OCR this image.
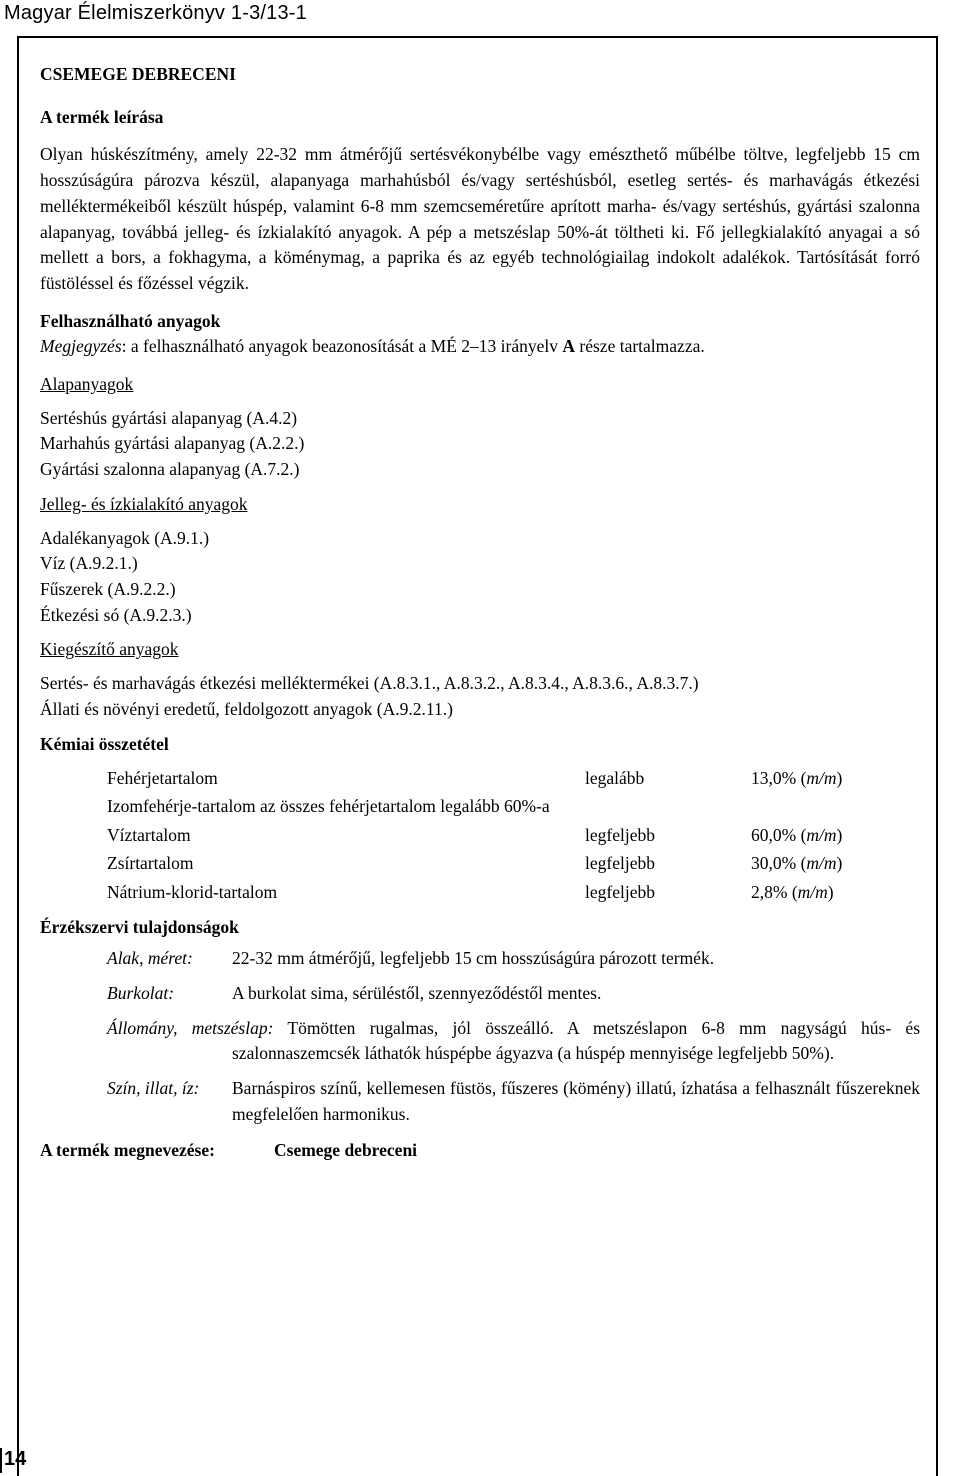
Magyar Élelmiszerkönyv 1-3/13-1

CSEMEGE DEBRECENI

A termék leírása

Olyan húskészítmény, amely 22-32 mm átmérőjű sertésvékonybélbe vagy emészthető műbélbe töltve, legfeljebb 15 cm hosszúságúra pározva készül, alapanyaga marhahúsból és/vagy sertéshúsból, esetleg sertés- és marhavágás étkezési melléktermékeiből készült húspép, valamint 6-8 mm szemcseméretűre aprított marha- és/vagy sertéshús, gyártási szalonna alapanyag, továbbá jelleg- és ízkialakító anyagok. A pép a metszéslap 50%-át töltheti ki. Fő jellegkialakító anyagai a só mellett a bors, a fokhagyma, a köménymag, a paprika és az egyéb technológiailag indokolt adalékok. Tartósítását forró füstöléssel és főzéssel végzik.

Felhasználható anyagok

Megjegyzés: a felhasználható anyagok beazonosítását a MÉ 2–13 irányelv A része tartalmazza.

Alapanyagok

Sertéshús gyártási alapanyag (A.4.2)

Marhahús gyártási alapanyag (A.2.2.)

Gyártási szalonna alapanyag (A.7.2.)

Jelleg- és ízkialakító anyagok

Adalékanyagok (A.9.1.)

Víz (A.9.2.1.)

Fűszerek (A.9.2.2.)

Étkezési só (A.9.2.3.)

Kiegészítő anyagok

Sertés- és marhavágás étkezési melléktermékei (A.8.3.1., A.8.3.2., A.8.3.4., A.8.3.6., A.8.3.7.)

Állati és növényi eredetű, feldolgozott anyagok (A.9.2.11.)

Kémiai összetétel

Fehérjetartalom	legalább	13,0% (m/m)
Izomfehérje-tartalom az összes fehérjetartalom legalább 60%-a		
Víztartalom	legfeljebb	60,0% (m/m)
Zsírtartalom	legfeljebb	30,0% (m/m)
Nátrium-klorid-tartalom	legfeljebb	2,8% (m/m)

Érzékszervi tulajdonságok

Alak, méret:	22-32 mm átmérőjű, legfeljebb 15 cm hosszúságúra pározott termék.
Burkolat:	A burkolat sima, sérüléstől, szennyeződéstől mentes.

Állomány, metszéslap: Tömötten rugalmas, jól összeálló. A metszéslapon 6-8 mm nagyságú hús- és szalonnaszemcsék láthatók húspépbe ágyazva (a húspép mennyisége legfeljebb 50%).

Szín, illat, íz:	Barnáspiros színű, kellemesen füstös, fűszeres (kömény) illatú, ízhatása a felhasznált fűszereknek megfelelően harmonikus.
A termék megnevezése:	Csemege debreceni
14
